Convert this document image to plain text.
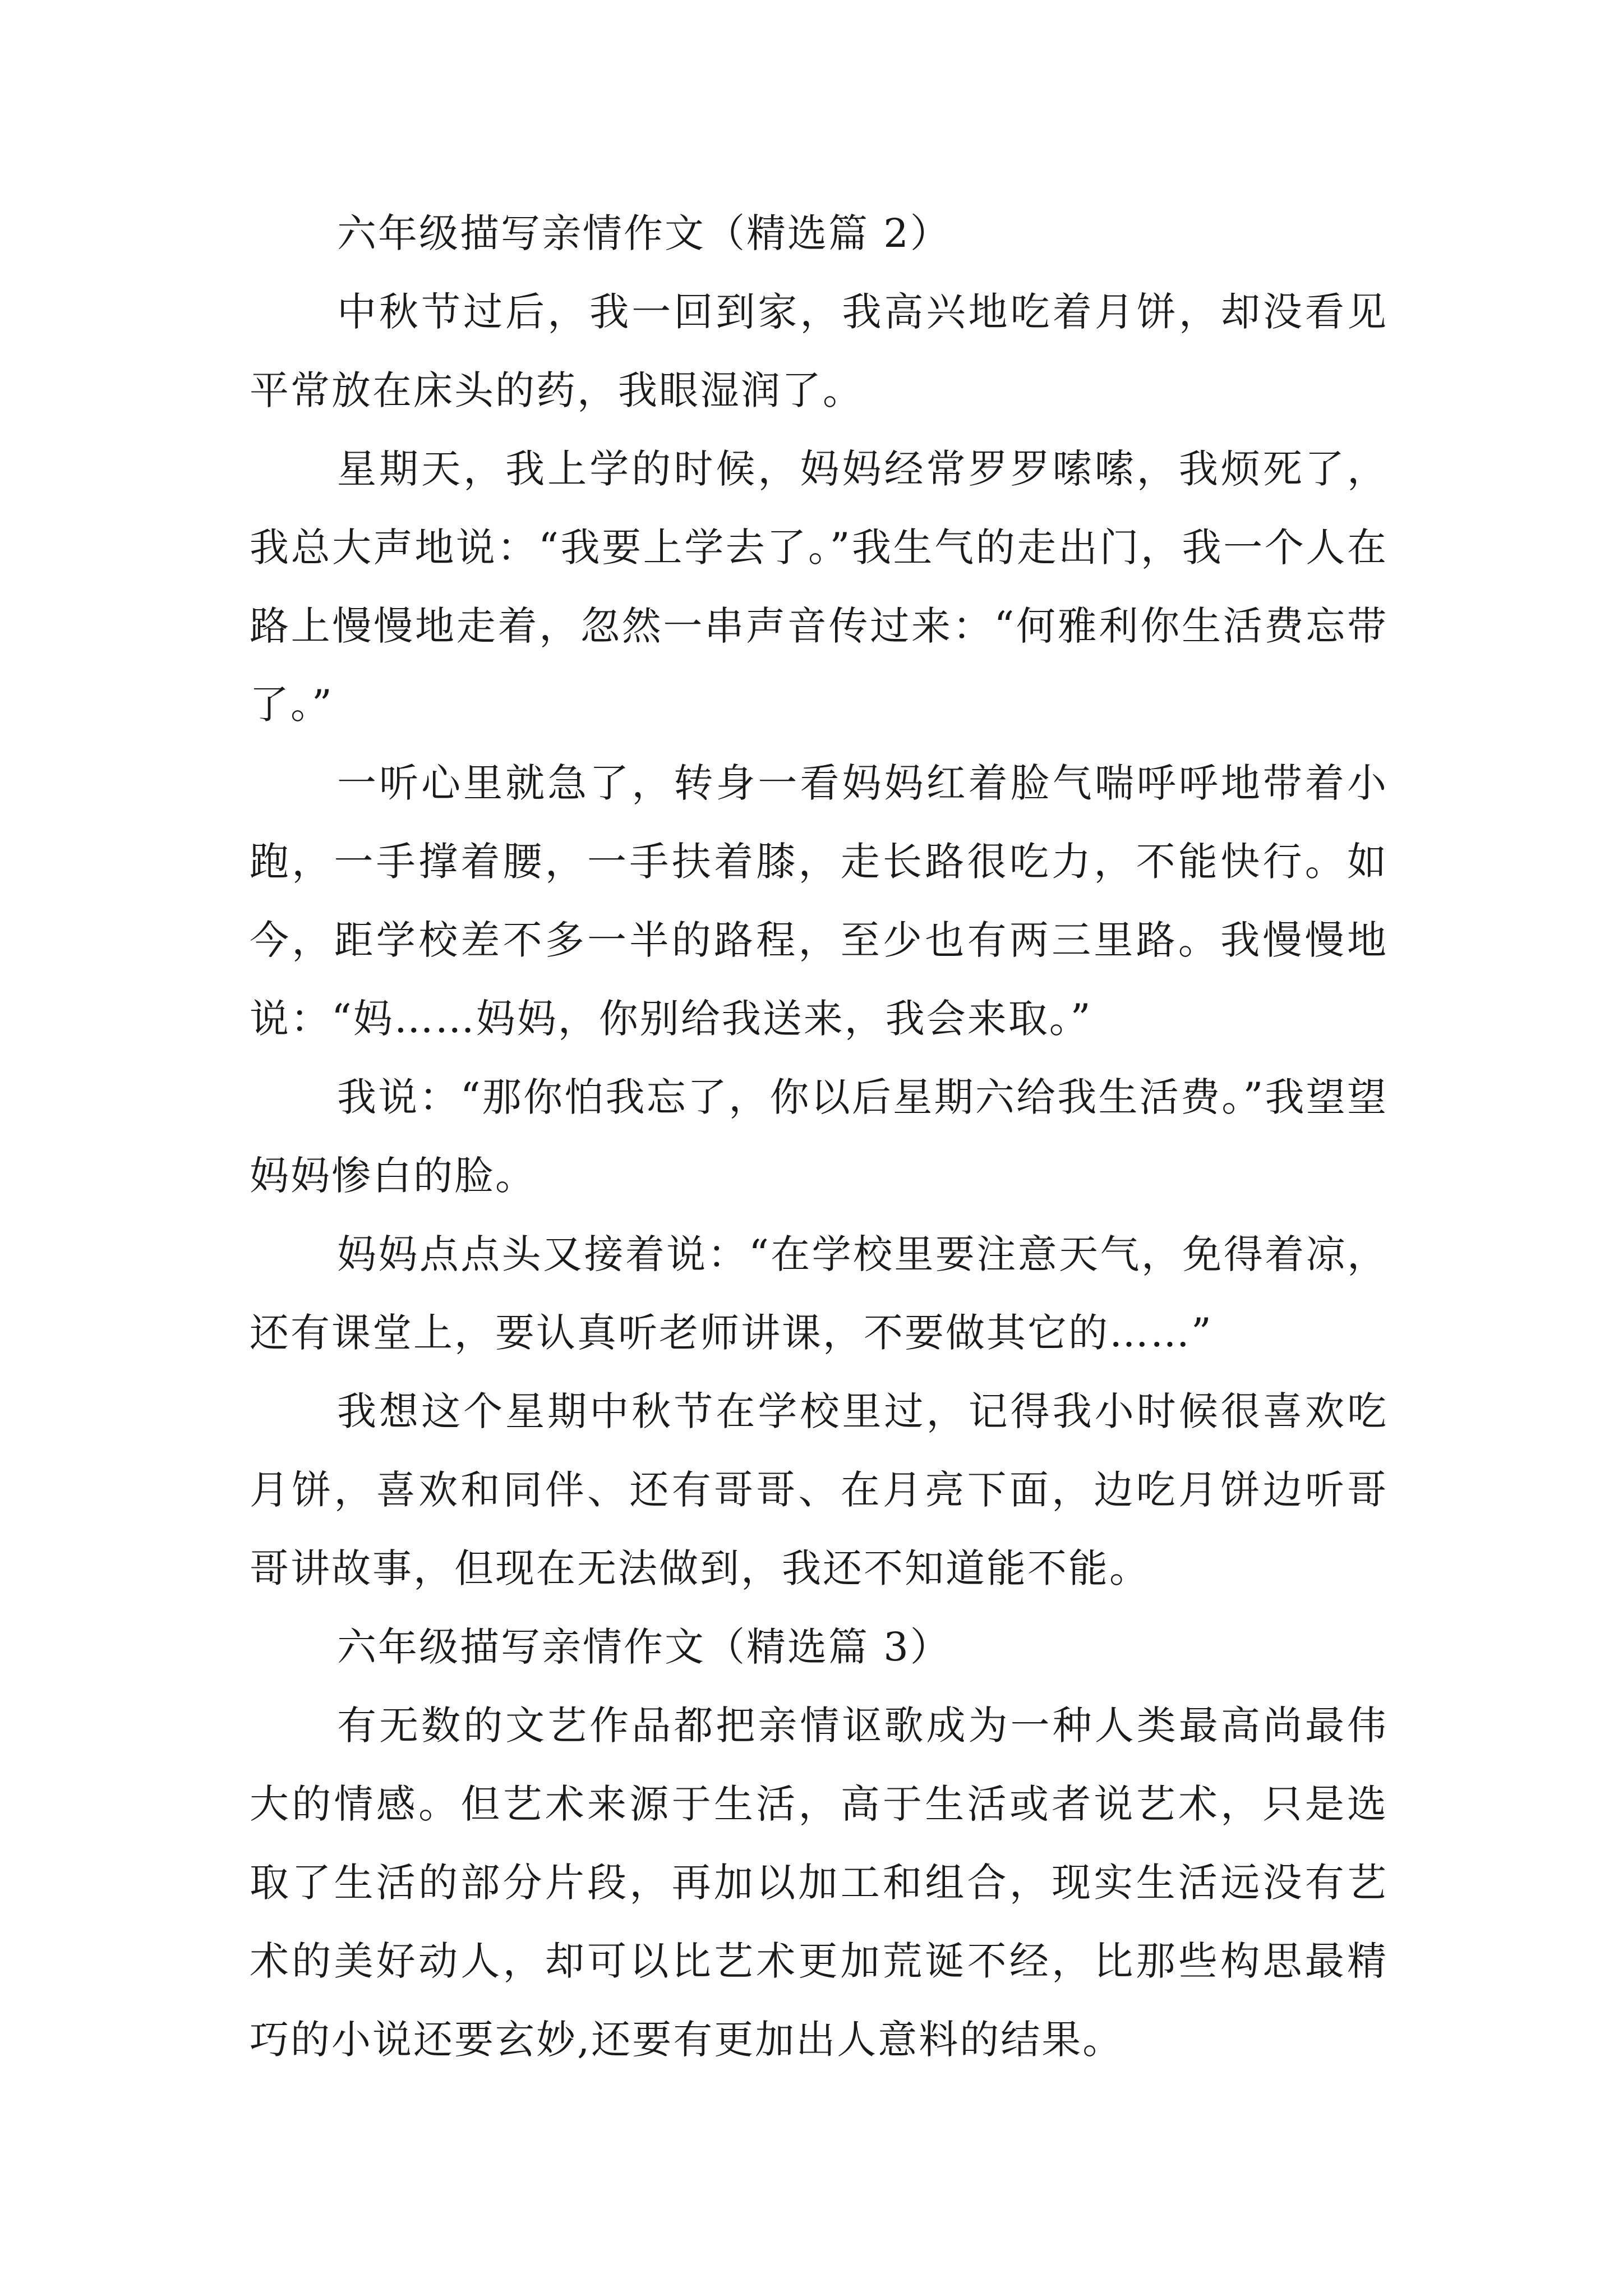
六年级描写亲情作文（精选篇 2）

中秋节过后，我一回到家，我高兴地吃着月饼，却没看见平常放在床头的药，我眼湿润了。

星期天，我上学的时候，妈妈经常罗罗嗦嗦，我烦死了，我总大声地说：“我要上学去了。”我生气的走出门，我一个人在路上慢慢地走着，忽然一串声音传过来：“何雅利你生活费忘带了。”

一听心里就急了，转身一看妈妈红着脸气喘呼呼地带着小跑，一手撑着腰，一手扶着膝，走长路很吃力，不能快行。如今，距学校差不多一半的路程，至少也有两三里路。我慢慢地说：“妈……妈妈，你别给我送来，我会来取。”

我说：“那你怕我忘了，你以后星期六给我生活费。”我望望妈妈惨白的脸。

妈妈点点头又接着说：“在学校里要注意天气，免得着凉，还有课堂上，要认真听老师讲课，不要做其它的……”

我想这个星期中秋节在学校里过，记得我小时候很喜欢吃月饼，喜欢和同伴、还有哥哥、在月亮下面，边吃月饼边听哥哥讲故事，但现在无法做到，我还不知道能不能。

六年级描写亲情作文（精选篇 3）

有无数的文艺作品都把亲情讴歌成为一种人类最高尚最伟大的情感。但艺术来源于生活，高于生活或者说艺术，只是选取了生活的部分片段，再加以加工和组合，现实生活远没有艺术的美好动人，却可以比艺术更加荒诞不经，比那些构思最精巧的小说还要玄妙,还要有更加出人意料的结果。
